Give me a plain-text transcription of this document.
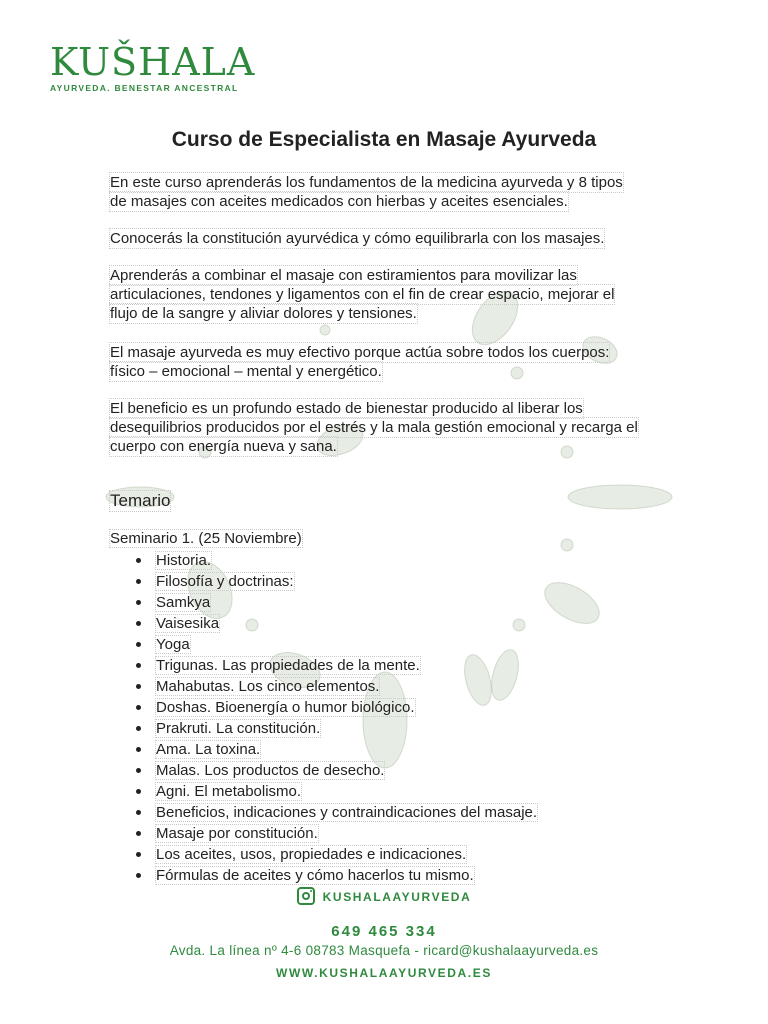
KUŠHALA
AYURVEDA. BENESTAR ANCESTRAL
Curso de Especialista en Masaje Ayurveda
En este curso aprenderás los fundamentos de la medicina ayurveda y 8 tipos
de masajes con aceites medicados con hierbas y aceites esenciales.
Conocerás la constitución ayurvédica y cómo equilibrarla con los masajes.
Aprenderás a combinar el masaje con estiramientos para movilizar las
articulaciones, tendones y ligamentos con el fin de crear espacio, mejorar el
flujo de la sangre y aliviar dolores y tensiones.
El masaje ayurveda es muy efectivo porque actúa sobre todos los cuerpos:
físico – emocional – mental y energético.
El beneficio es un profundo estado de bienestar producido al liberar los
desequilibrios producidos por el estrés y la mala gestión emocional y recarga el
cuerpo con energía nueva y sana.
Temario
Seminario 1. (25 Noviembre)
Historia.
Filosofía y doctrinas:
Samkya
Vaisesika
Yoga
Trigunas. Las propiedades de la mente.
Mahabutas. Los cinco elementos.
Doshas. Bioenergía o humor biológico.
Prakruti. La constitución.
Ama. La toxina.
Malas. Los productos de desecho.
Agni. El metabolismo.
Beneficios, indicaciones y contraindicaciones del masaje.
Masaje por constitución.
Los aceites, usos, propiedades e indicaciones.
Fórmulas de aceites y cómo hacerlos tu mismo.
KUSHALAAYURVEDA
649 465 334
Avda. La línea nº 4-6 08783 Masquefa - ricard@kushalaayurveda.es
WWW.KUSHALAAYURVEDA.ES
